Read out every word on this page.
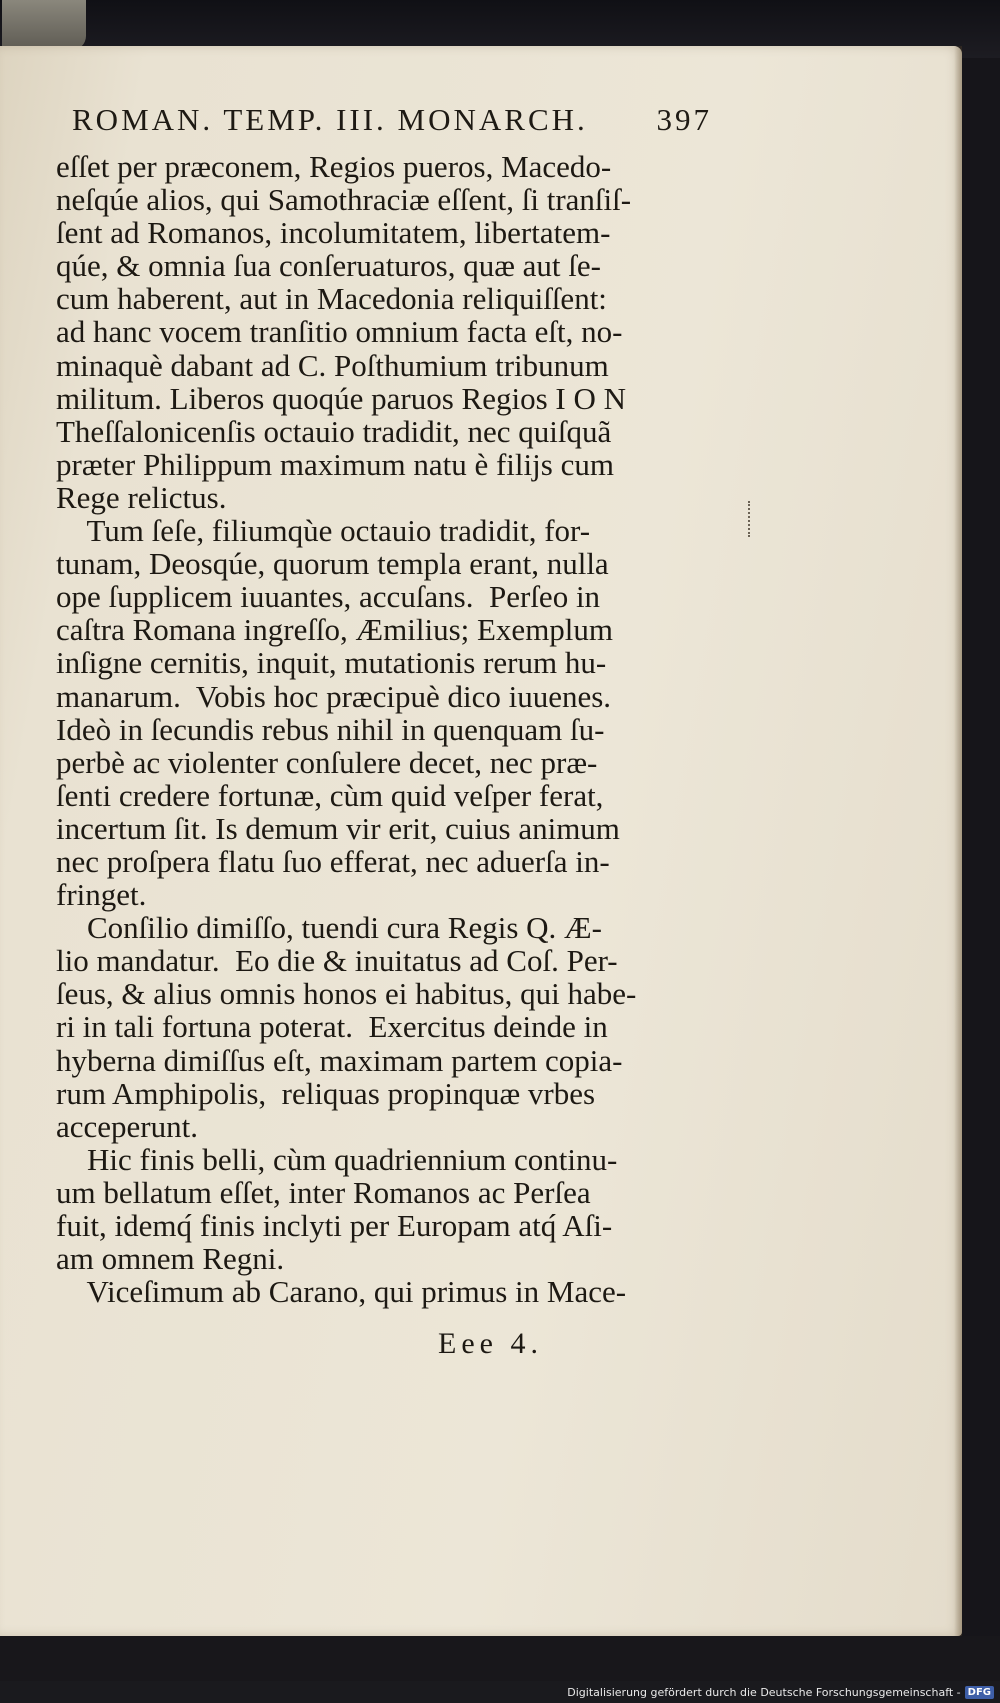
ROMAN. TEMP. III. MONARCH. 397
eſſet per præconem, Regios pueros, Macedo-
neſqúe alios, qui Samothraciæ eſſent, ſi tranſiſ-
ſent ad Romanos, incolumitatem, libertatem-
qúe, & omnia ſua conſeruaturos, quæ aut ſe-
cum haberent, aut in Macedonia reliquiſſent:
ad hanc vocem tranſitio omnium facta eſt, no-
minaquè dabant ad C. Poſthumium tribunum
militum. Liberos quoqúe paruos Regios I O N
Theſſalonicenſis octauio tradidit, nec quiſquã
præter Philippum maximum natu è filijs cum
Rege relictus.
Tum ſeſe, filiumqùe octauio tradidit, for-
tunam, Deosqúe, quorum templa erant, nulla
ope ſupplicem iuuantes, accuſans.  Perſeo in
caſtra Romana ingreſſo, Æmilius; Exemplum
inſigne cernitis, inquit, mutationis rerum hu-
manarum.  Vobis hoc præcipuè dico iuuenes.
Ideò in ſecundis rebus nihil in quenquam ſu-
perbè ac violenter conſulere decet, nec præ-
ſenti credere fortunæ, cùm quid veſper ferat,
incertum ſit. Is demum vir erit, cuius animum
nec proſpera flatu ſuo efferat, nec aduerſa in-
fringet.
Conſilio dimiſſo, tuendi cura Regis Q. Æ-
lio mandatur.  Eo die & inuitatus ad Coſ. Per-
ſeus, & alius omnis honos ei habitus, qui habe-
ri in tali fortuna poterat.  Exercitus deinde in
hyberna dimiſſus eſt, maximam partem copia-
rum Amphipolis,  reliquas propinquæ vrbes
acceperunt.
Hic finis belli, cùm quadriennium continu-
um bellatum eſſet, inter Romanos ac Perſea
fuit, idemq́ finis inclyti per Europam atq́ Aſi-
am omnem Regni.
Viceſimum ab Carano, qui primus in Mace-
Eee 4.
Digitalisierung gefördert durch die Deutsche Forschungsgemeinschaft - DFG
